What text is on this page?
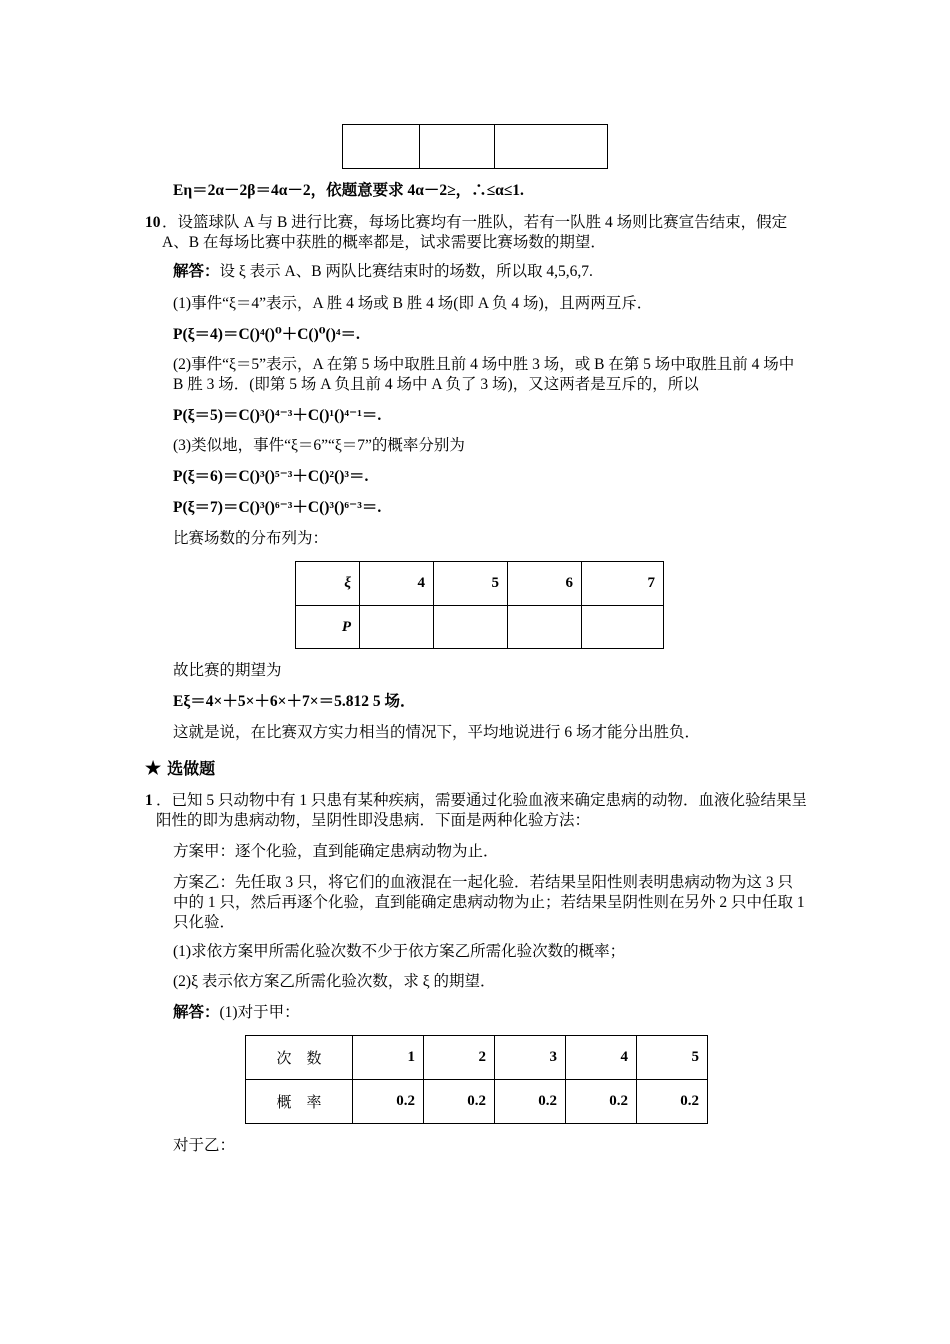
Eη＝2α－2β＝4α－2，依题意要求 4α－2≥，∴≤α≤1.
10 ．设篮球队 A 与 B 进行比赛，每场比赛均有一胜队，若有一队胜 4 场则比赛宣告结束，假定 A、B 在每场比赛中获胜的概率都是，试求需要比赛场数的期望．
解答：设 ξ 表示 A、B 两队比赛结束时的场数，所以取 4,5,6,7.
(1)事件“ξ＝4”表示，A 胜 4 场或 B 胜 4 场(即 A 负 4 场)，且两两互斥．
P(ξ＝4)＝C()⁴()⁰＋C()⁰()⁴＝.
(2)事件“ξ＝5”表示，A 在第 5 场中取胜且前 4 场中胜 3 场，或 B 在第 5 场中取胜且前 4 场中 B 胜 3 场．(即第 5 场 A 负且前 4 场中 A 负了 3 场)，又这两者是互斥的，所以
P(ξ＝5)＝C()³()⁴⁻³＋C()¹()⁴⁻¹＝.
(3)类似地，事件“ξ＝6”“ξ＝7”的概率分别为
P(ξ＝6)＝C()³()⁵⁻³＋C()²()³＝.
P(ξ＝7)＝C()³()⁶⁻³＋C()³()⁶⁻³＝.
比赛场数的分布列为：
ξ	4	5	6	7
P				
故比赛的期望为
Eξ＝4×＋5×＋6×＋7×＝5.812 5 场．
这就是说，在比赛双方实力相当的情况下，平均地说进行 6 场才能分出胜负．
★ 选做题
1 ．已知 5 只动物中有 1 只患有某种疾病，需要通过化验血液来确定患病的动物．血液化验结果呈阳性的即为患病动物，呈阴性即没患病．下面是两种化验方法：
方案甲：逐个化验，直到能确定患病动物为止．
方案乙：先任取 3 只，将它们的血液混在一起化验．若结果呈阳性则表明患病动物为这 3 只中的 1 只，然后再逐个化验，直到能确定患病动物为止；若结果呈阴性则在另外 2 只中任取 1 只化验．
(1)求依方案甲所需化验次数不少于依方案乙所需化验次数的概率；
(2)ξ 表示依方案乙所需化验次数，求 ξ 的期望．
解答：(1)对于甲：
次　数	1	2	3	4	5
概　率	0.2	0.2	0.2	0.2	0.2
对于乙：
